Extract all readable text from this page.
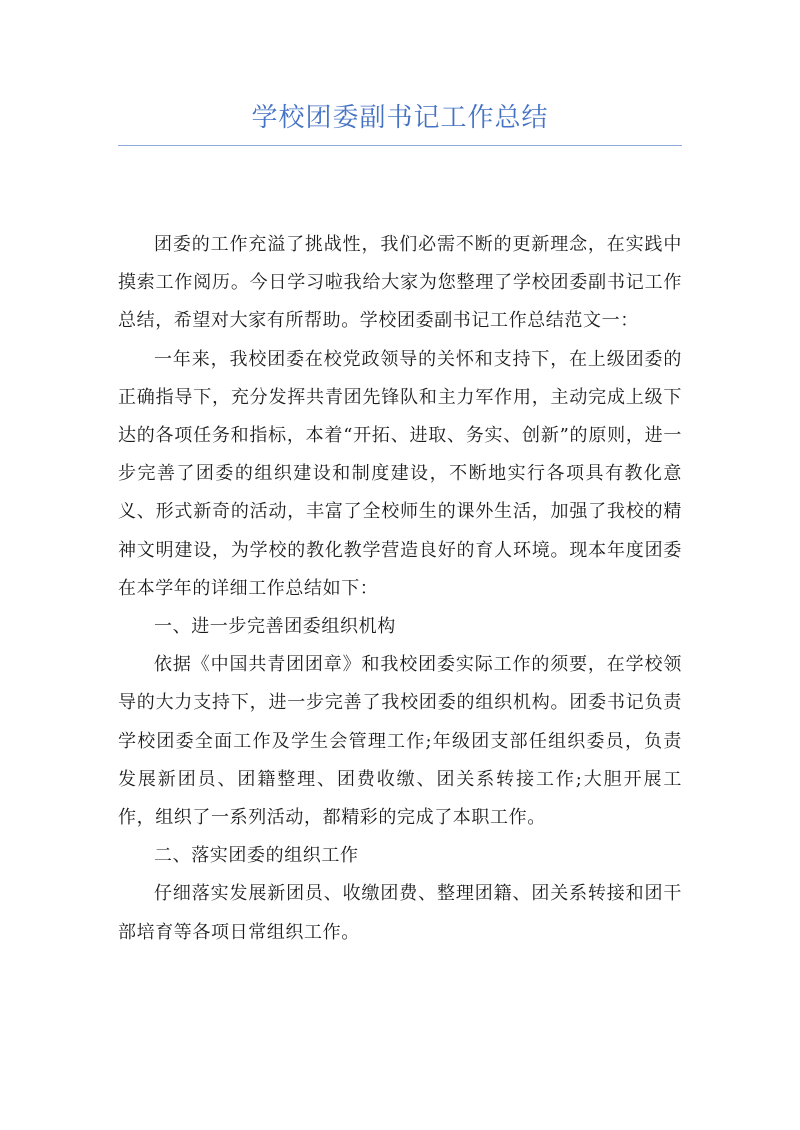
学校团委副书记工作总结

团委的工作充溢了挑战性，我们必需不断的更新理念，在实践中摸索工作阅历。今日学习啦我给大家为您整理了学校团委副书记工作总结，希望对大家有所帮助。学校团委副书记工作总结范文一：

一年来，我校团委在校党政领导的关怀和支持下，在上级团委的正确指导下，充分发挥共青团先锋队和主力军作用，主动完成上级下达的各项任务和指标，本着“开拓、进取、务实、创新”的原则，进一步完善了团委的组织建设和制度建设，不断地实行各项具有教化意义、形式新奇的活动，丰富了全校师生的课外生活，加强了我校的精神文明建设，为学校的教化教学营造良好的育人环境。现本年度团委在本学年的详细工作总结如下：

一、进一步完善团委组织机构

依据《中国共青团团章》和我校团委实际工作的须要，在学校领导的大力支持下，进一步完善了我校团委的组织机构。团委书记负责学校团委全面工作及学生会管理工作;年级团支部任组织委员，负责发展新团员、团籍整理、团费收缴、团关系转接工作;大胆开展工作，组织了一系列活动，都精彩的完成了本职工作。

二、落实团委的组织工作

仔细落实发展新团员、收缴团费、整理团籍、团关系转接和团干部培育等各项日常组织工作。
